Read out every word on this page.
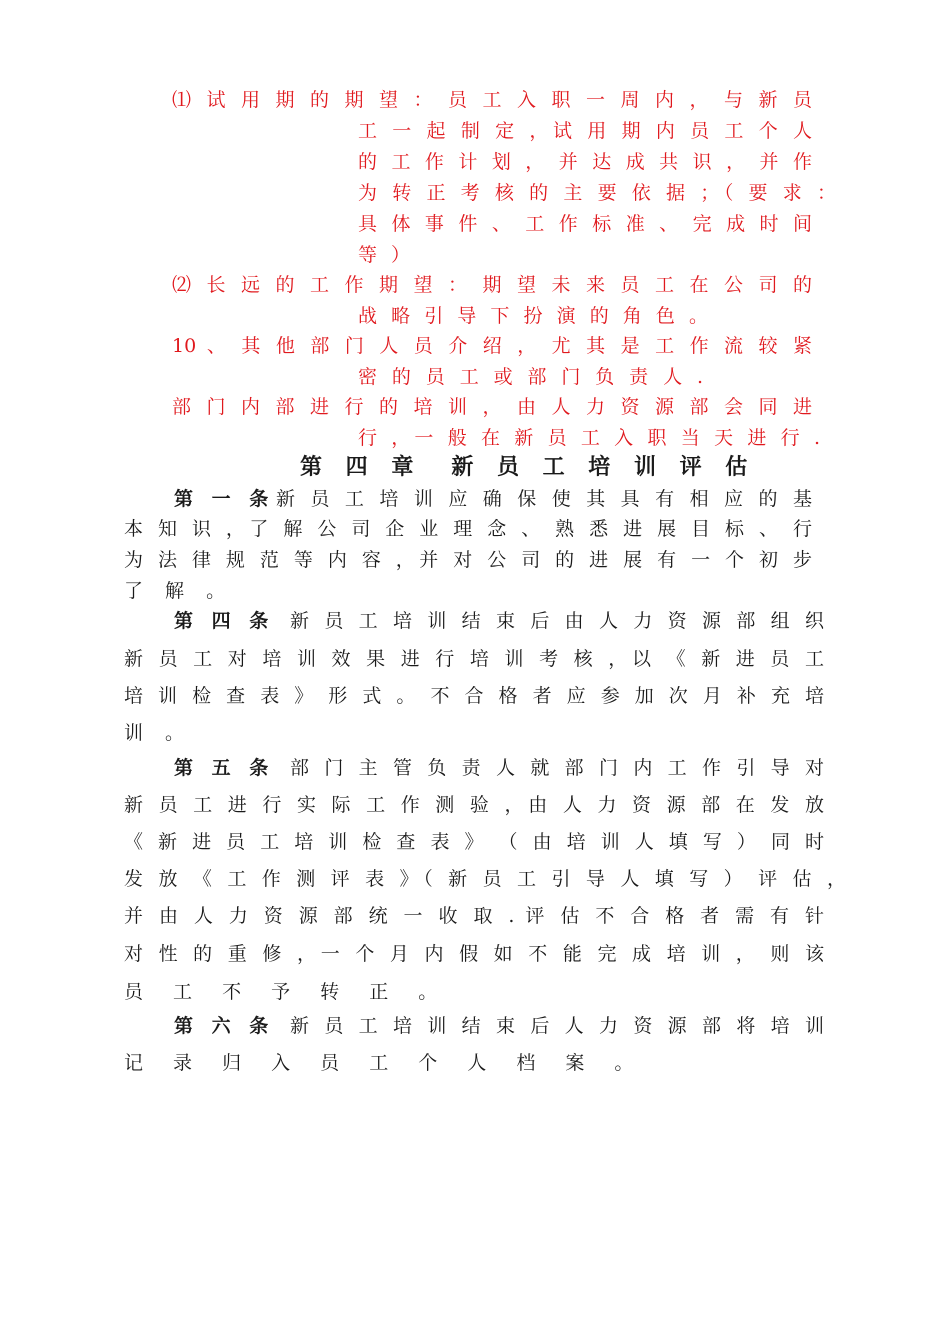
⑴ 试 用 期 的 期 望 ： 员 工 入 职 一 周 内 ， 与 新 员
工 一 起 制 定 ，试 用 期 内 员 工 个 人
的 工 作 计 划 ， 并 达 成 共 识 ， 并 作
为 转 正 考 核 的 主 要 依 据 ；（ 要 求 ：
具 体 事 件 、 工 作 标 准 、 完 成 时 间
等 ）
⑵ 长 远 的 工 作 期 望 ： 期 望 未 来 员 工 在 公 司 的
战 略 引 导 下 扮 演 的 角 色 。
10 、 其 他 部 门 人 员 介 绍 ， 尤 其 是 工 作 流 较 紧
密 的 员 工 或 部 门 负 责 人 .
部 门 内 部 进 行 的 培 训 ， 由 人 力 资 源 部 会 同 进
行 ，一 般 在 新 员 工 入 职 当 天 进 行 .
第 四 章　新 员 工 培 训 评 估
第 一 条 新 员 工 培 训 应 确 保 使 其 具 有 相 应 的 基
本 知 识 ，了 解 公 司 企 业 理 念 、 熟 悉 进 展 目 标 、 行
为 法 律 规 范 等 内 容 ，并 对 公 司 的 进 展 有 一 个 初 步
了 解 。
第 四 条 新 员 工 培 训 结 束 后 由 人 力 资 源 部 组 织
新 员 工 对 培 训 效 果 进 行 培 训 考 核 ，以 《 新 进 员 工
培 训 检 查 表 》 形 式 。 不 合 格 者 应 参 加 次 月 补 充 培
训 。
第 五 条 部 门 主 管 负 责 人 就 部 门 内 工 作 引 导 对
新 员 工 进 行 实 际 工 作 测 验 ，由 人 力 资 源 部 在 发 放
《 新 进 员 工 培 训 检 查 表 》 （ 由 培 训 人 填 写 ） 同 时
发 放 《 工 作 测 评 表 》（ 新 员 工 引 导 人 填 写 ） 评 估 ，
并 由 人 力 资 源 部 统 一 收 取 . 评 估 不 合 格 者 需 有 针
对 性 的 重 修 ，一 个 月 内 假 如 不 能 完 成 培 训 ， 则 该
员 工 不 予 转 正 。
第 六 条 新 员 工 培 训 结 束 后 人 力 资 源 部 将 培 训
记 录 归 入 员 工 个 人 档 案 。
